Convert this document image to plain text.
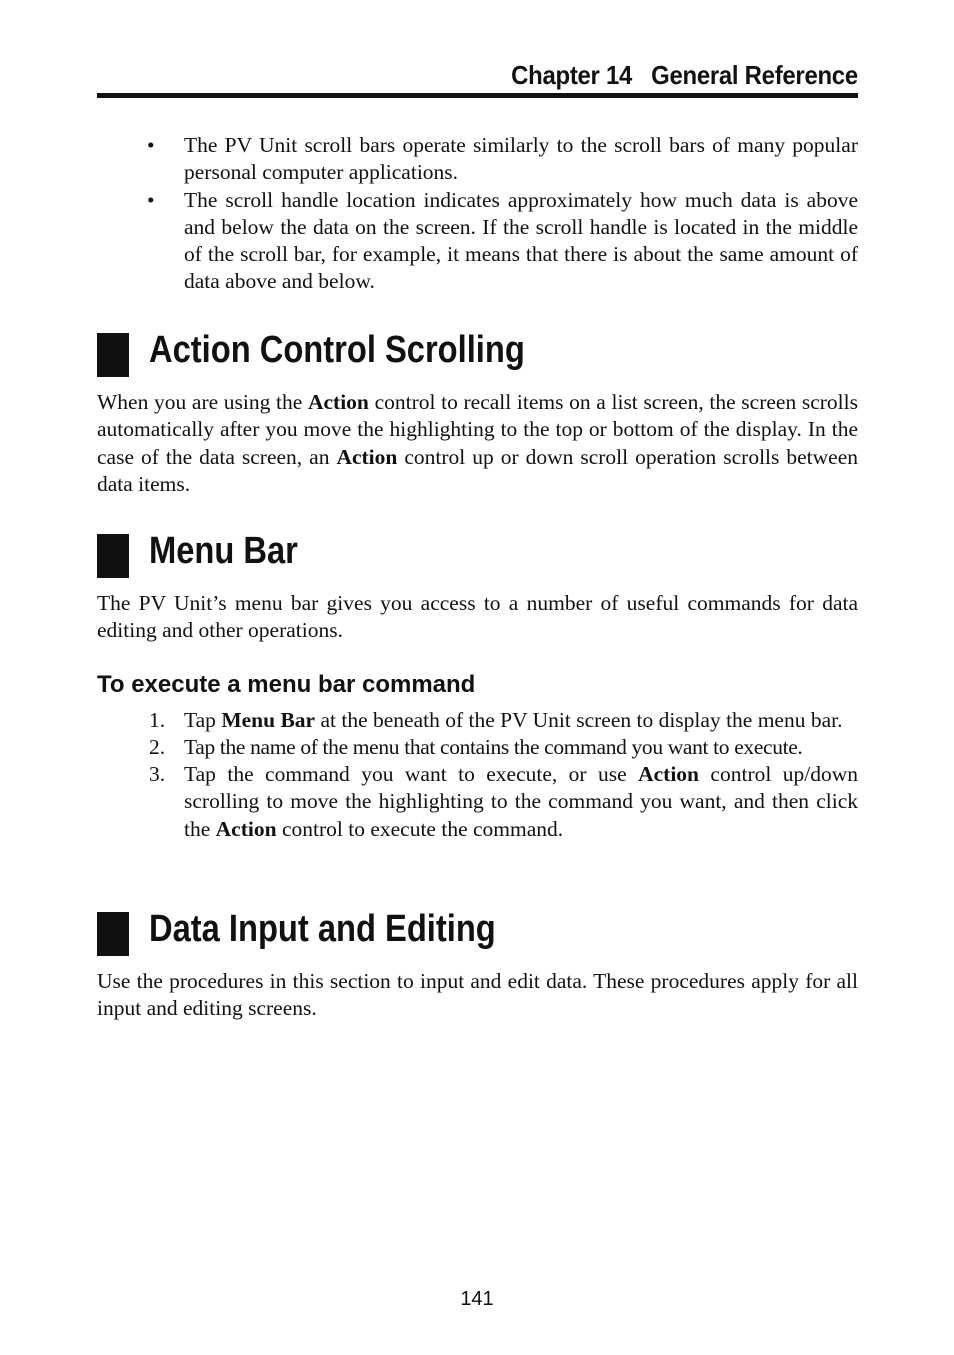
Chapter 14 General Reference
•	The PV Unit scroll bars operate similarly to the scroll bars of many popular personal computer applications.
•	The scroll handle location indicates approximately how much data is above and below the data on the screen. If the scroll handle is located in the middle of the scroll bar, for example, it means that there is about the same amount of data above and below.
Action Control Scrolling

When you are using the Action control to recall items on a list screen, the screen scrolls automatically after you move the highlighting to the top or bottom of the display. In the case of the data screen, an Action control up or down scroll operation scrolls between data items.

Menu Bar

The PV Unit’s menu bar gives you access to a number of useful commands for data editing and other operations.

To execute a menu bar command

1. Tap Menu Bar at the beneath of the PV Unit screen to display the menu bar.
2. Tap the name of the menu that contains the command you want to execute.
3. Tap the command you want to execute, or use Action control up/down scrolling to move the highlighting to the command you want, and then click the Action control to execute the command.
Data Input and Editing

Use the procedures in this section to input and edit data. These procedures apply for all input and editing screens.

141
